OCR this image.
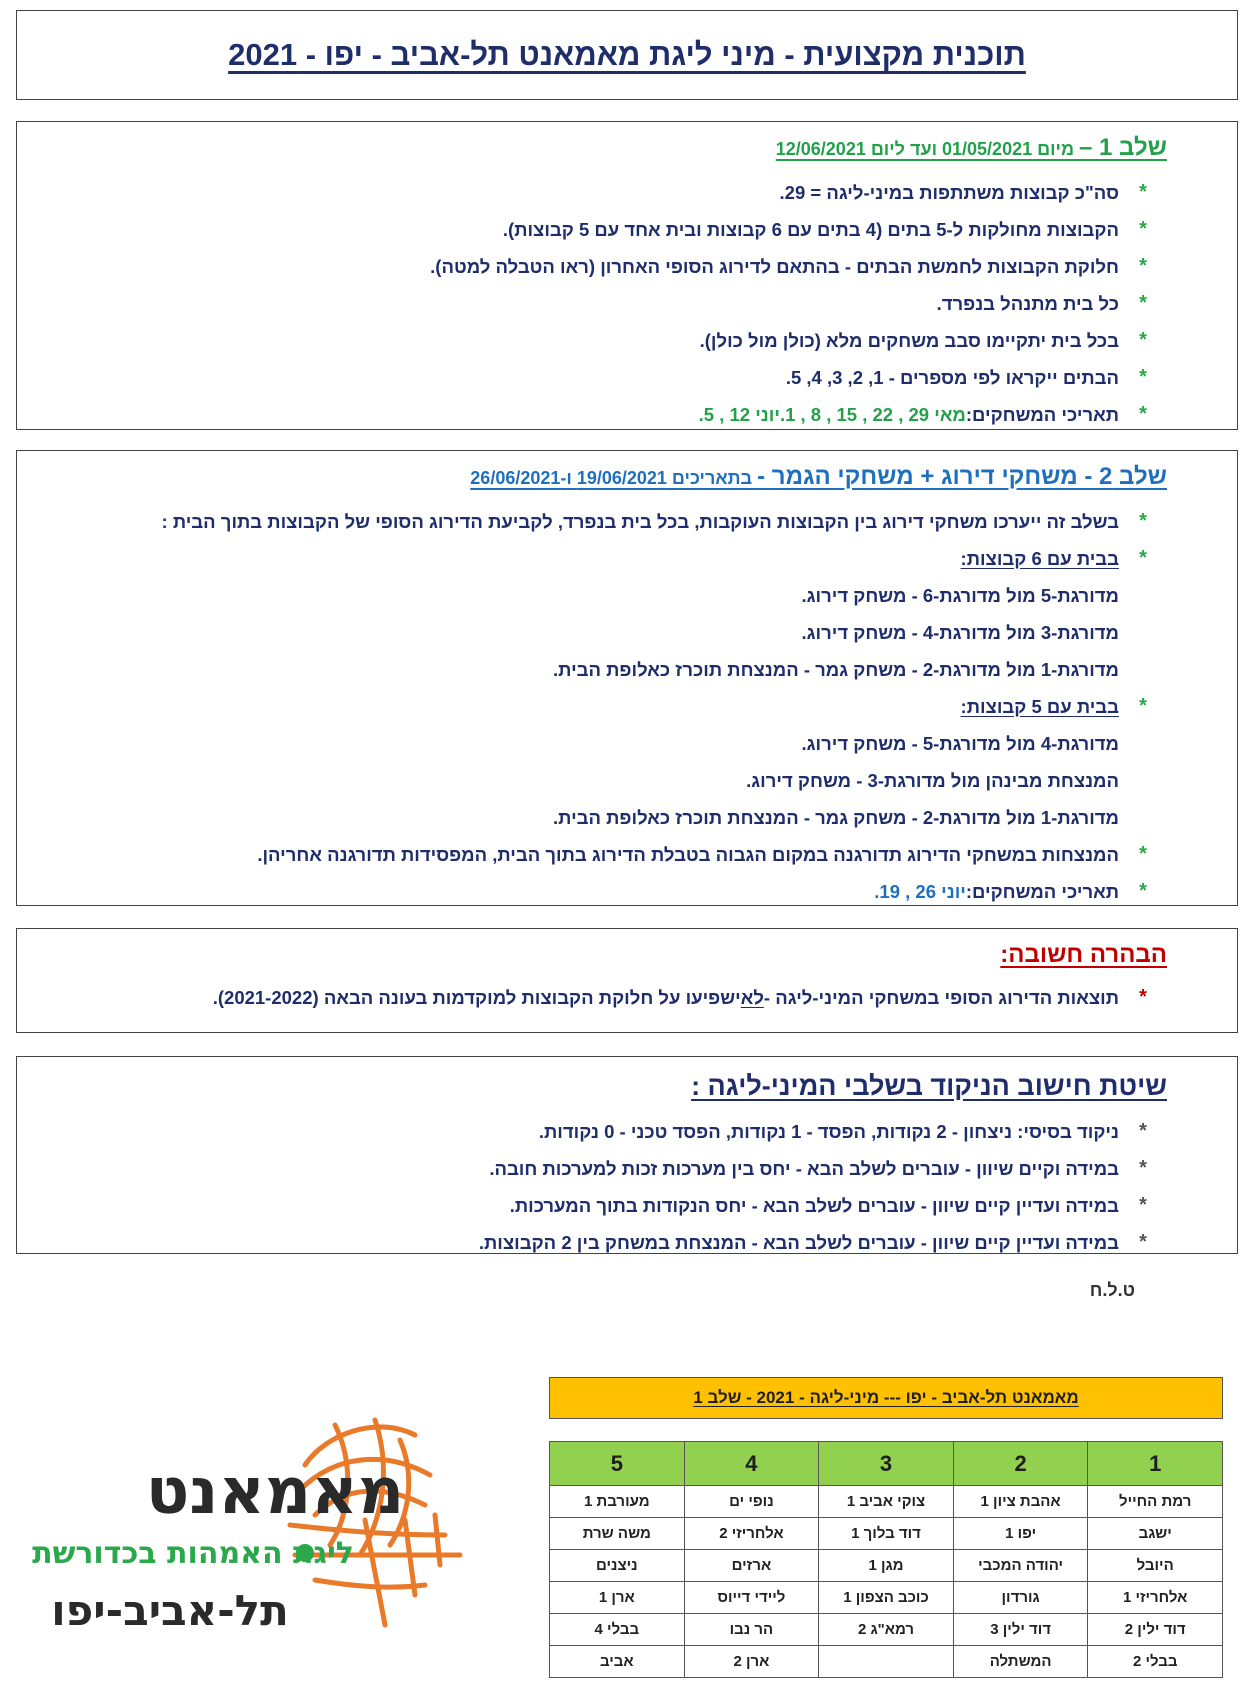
תוכנית מקצועית - מיני ליגת מאמאנט תל-אביב - יפו - 2021
שלב 1 – מיום 01/05/2021 ועד ליום 12/06/2021
*
סה"כ קבוצות משתתפות במיני-ליגה = 29.
*
הקבוצות מחולקות ל-5 בתים (4 בתים עם 6 קבוצות ובית אחד עם 5 קבוצות).
*
חלוקת הקבוצות לחמשת הבתים - בהתאם לדירוג הסופי האחרון (ראו הטבלה למטה).
*
כל בית מתנהל בנפרד.
*
בכל בית יתקיימו סבב משחקים מלא (כולן מול כולן).
*
הבתים ייקראו לפי מספרים - 1, 2, 3, 4, 5.
*
תאריכי המשחקים:
מאי 29 , 22 , 15 , 8 , 1.
יוני 12 , 5.
שלב 2 - משחקי דירוג + משחקי הגמר - בתאריכים 19/06/2021 ו-26/06/2021
*
בשלב זה ייערכו משחקי דירוג בין הקבוצות העוקבות, בכל בית בנפרד, לקביעת הדירוג הסופי של הקבוצות בתוך הבית :
*
בבית עם 6 קבוצות:
מדורגת-5 מול מדורגת-6 - משחק דירוג.
מדורגת-3 מול מדורגת-4 - משחק דירוג.
מדורגת-1 מול מדורגת-2 - משחק גמר - המנצחת תוכרז כאלופת הבית.
*
בבית עם 5 קבוצות:
מדורגת-4 מול מדורגת-5 - משחק דירוג.
המנצחת מבינהן מול מדורגת-3 - משחק דירוג.
מדורגת-1 מול מדורגת-2 - משחק גמר - המנצחת תוכרז כאלופת הבית.
*
המנצחות במשחקי הדירוג תדורגנה במקום הגבוה בטבלת הדירוג בתוך הבית, המפסידות תדורגנה אחריהן.
*
תאריכי המשחקים:
יוני 26 , 19.
הבהרה חשובה:
*
תוצאות הדירוג הסופי במשחקי המיני-ליגה -
לא
ישפיעו על חלוקת הקבוצות למוקדמות בעונה הבאה (2021-2022).
שיטת חישוב הניקוד בשלבי המיני-ליגה :
*
ניקוד בסיסי: ניצחון - 2 נקודות, הפסד - 1 נקודות, הפסד טכני - 0 נקודות.
*
במידה וקיים שיוון - עוברים לשלב הבא - יחס בין מערכות זכות למערכות חובה.
*
במידה ועדיין קיים שיוון - עוברים לשלב הבא - יחס הנקודות בתוך המערכות.
*
במידה ועדיין קיים שיוון - עוברים לשלב הבא - המנצחת במשחק בין 2 הקבוצות.
ט.ל.ח
מאמאנט
ליגת האמהות בכדורשת
תל-אביב-יפו
מאמאנט תל-אביב - יפו --- מיני-ליגה - 2021 - שלב 1
1	2	3	4	5
רמת החייל	אהבת ציון 1	צוקי אביב 1	נופי ים	מעורבת 1
ישגב	יפו 1	דוד בלוך 1	אלחריזי 2	משה שרת
היובל	יהודה המכבי	מגן 1	ארזים	ניצנים
אלחריזי 1	גורדון	כוכב הצפון 1	ליידי דייוס	ארן 1
דוד ילין 2	דוד ילין 3	רמא"ג 2	הר נבו	בבלי 4
בבלי 2	המשתלה		ארן 2	אביב
